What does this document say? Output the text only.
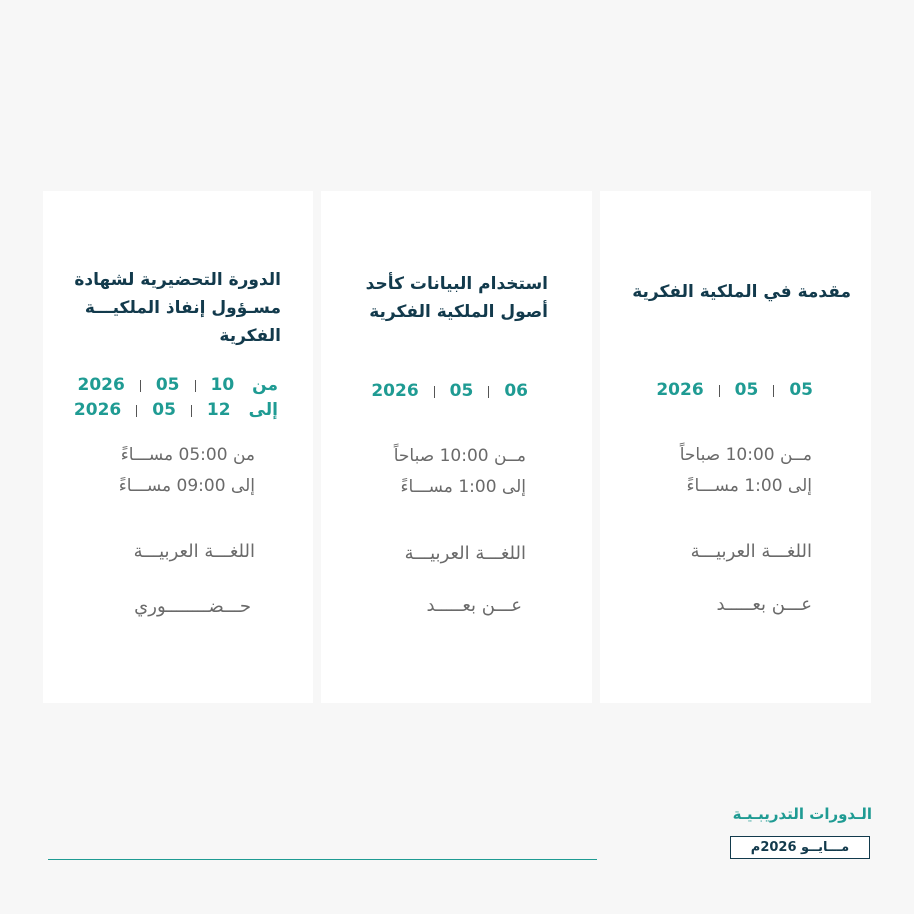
مقدمة في الملكية الفكرية
2026 05 05
مــن 10:00 صباحاً
إلى 1:00 مســـاءً
اللغـــة العربيـــة
عـــن بعـــــد
استخدام البيانات كأحد
أصول الملكية الفكرية
2026 05 06
مــن 10:00 صباحاً
إلى 1:00 مســـاءً
اللغـــة العربيـــة
عـــن بعـــــد
الدورة التحضيرية لشهادة
مسـؤول إنفاذ الملكيـــة
الفكرية
2026 05 10 من
2026 05 12 إلى
من 05:00 مســـاءً
إلى 09:00 مســـاءً
اللغـــة العربيـــة
حـــضــــــــوري
الـدورات التدريبـيـة
مـــايــو 2026م
